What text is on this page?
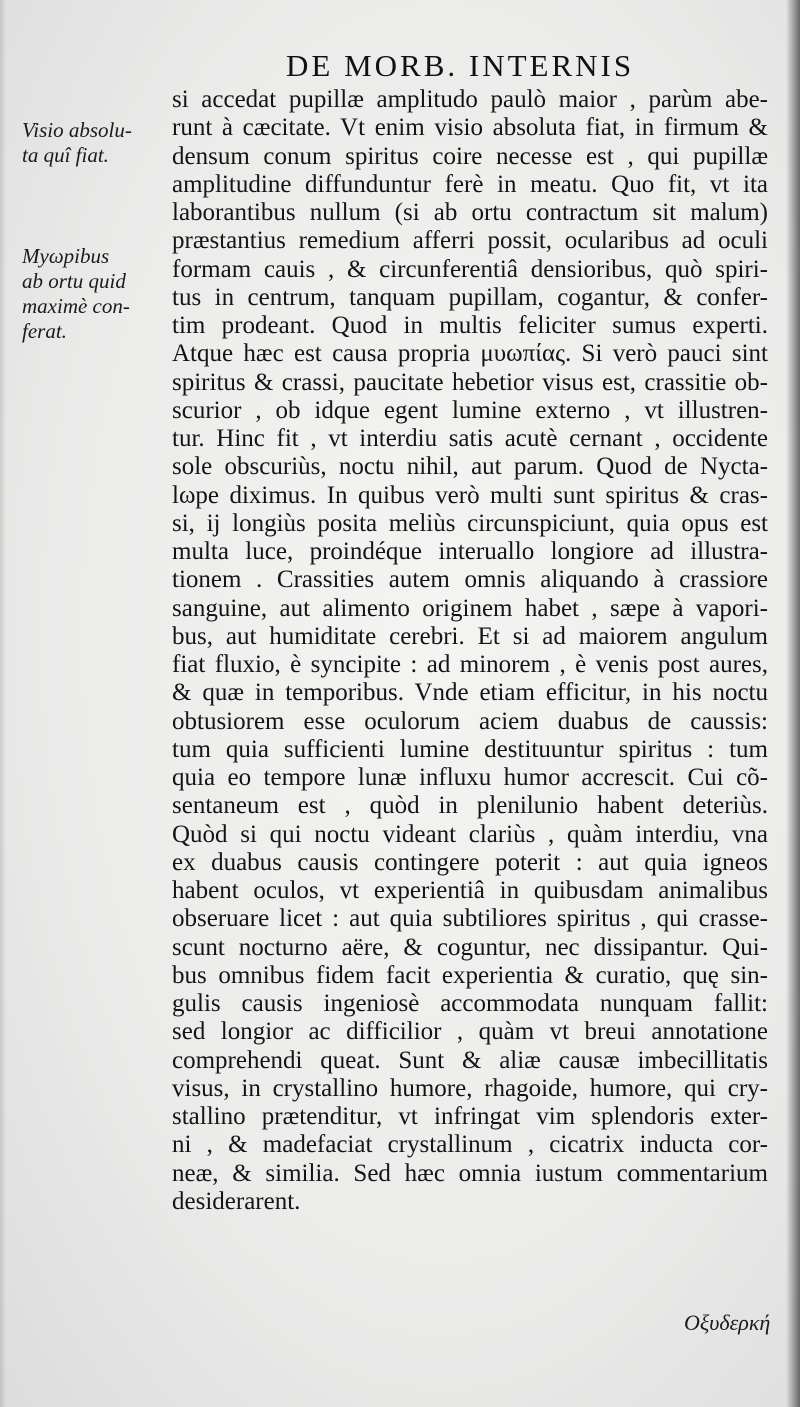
DE MORB. INTERNIS
Visio absolu-
ta quî fiat.
Myωpibus
ab ortu quid
maximè con-
ferat.
si accedat pupillæ amplitudo paulò maior , parùm abe-
runt à cæcitate. Vt enim visio absoluta fiat, in firmum &
densum conum spiritus coire necesse est , qui pupillæ
amplitudine diffunduntur ferè in meatu. Quo fit, vt ita
laborantibus nullum (si ab ortu contractum sit malum)
præstantius remedium afferri possit, ocularibus ad oculi
formam cauis , & circunferentiâ densioribus, quò spiri-
tus in centrum, tanquam pupillam, cogantur, & confer-
tim prodeant. Quod in multis feliciter sumus experti.
Atque hæc est causa propria μυωπίας. Si verò pauci sint
spiritus & crassi, paucitate hebetior visus est, crassitie ob-
scurior , ob idque egent lumine externo , vt illustren-
tur. Hinc fit , vt interdiu satis acutè cernant , occidente
sole obscuriùs, noctu nihil, aut parum. Quod de Nycta-
lωpe diximus. In quibus verò multi sunt spiritus & cras-
si, ij longiùs posita meliùs circunspiciunt, quia opus est
multa luce, proindéque interuallo longiore ad illustra-
tionem . Crassities autem omnis aliquando à crassiore
sanguine, aut alimento originem habet , sæpe à vapori-
bus, aut humiditate cerebri. Et si ad maiorem angulum
fiat fluxio, è syncipite : ad minorem , è venis post aures,
& quæ in temporibus. Vnde etiam efficitur, in his noctu
obtusiorem esse oculorum aciem duabus de caussis:
tum quia sufficienti lumine destituuntur spiritus : tum
quia eo tempore lunæ influxu humor accrescit. Cui cõ-
sentaneum est , quòd in plenilunio habent deteriùs.
Quòd si qui noctu videant clariùs , quàm interdiu, vna
ex duabus causis contingere poterit : aut quia igneos
habent oculos, vt experientiâ in quibusdam animalibus
obseruare licet : aut quia subtiliores spiritus , qui crasse-
scunt nocturno aëre, & coguntur, nec dissipantur. Qui-
bus omnibus fidem facit experientia & curatio, quę sin-
gulis causis ingeniosè accommodata nunquam fallit:
sed longior ac difficilior , quàm vt breui annotatione
comprehendi queat. Sunt & aliæ causæ imbecillitatis
visus, in crystallino humore, rhagoide, humore, qui cry-
stallino prætenditur, vt infringat vim splendoris exter-
ni , & madefaciat crystallinum , cicatrix inducta cor-
neæ, & similia. Sed hæc omnia iustum commentarium
desiderarent.
Οξυδερκή
